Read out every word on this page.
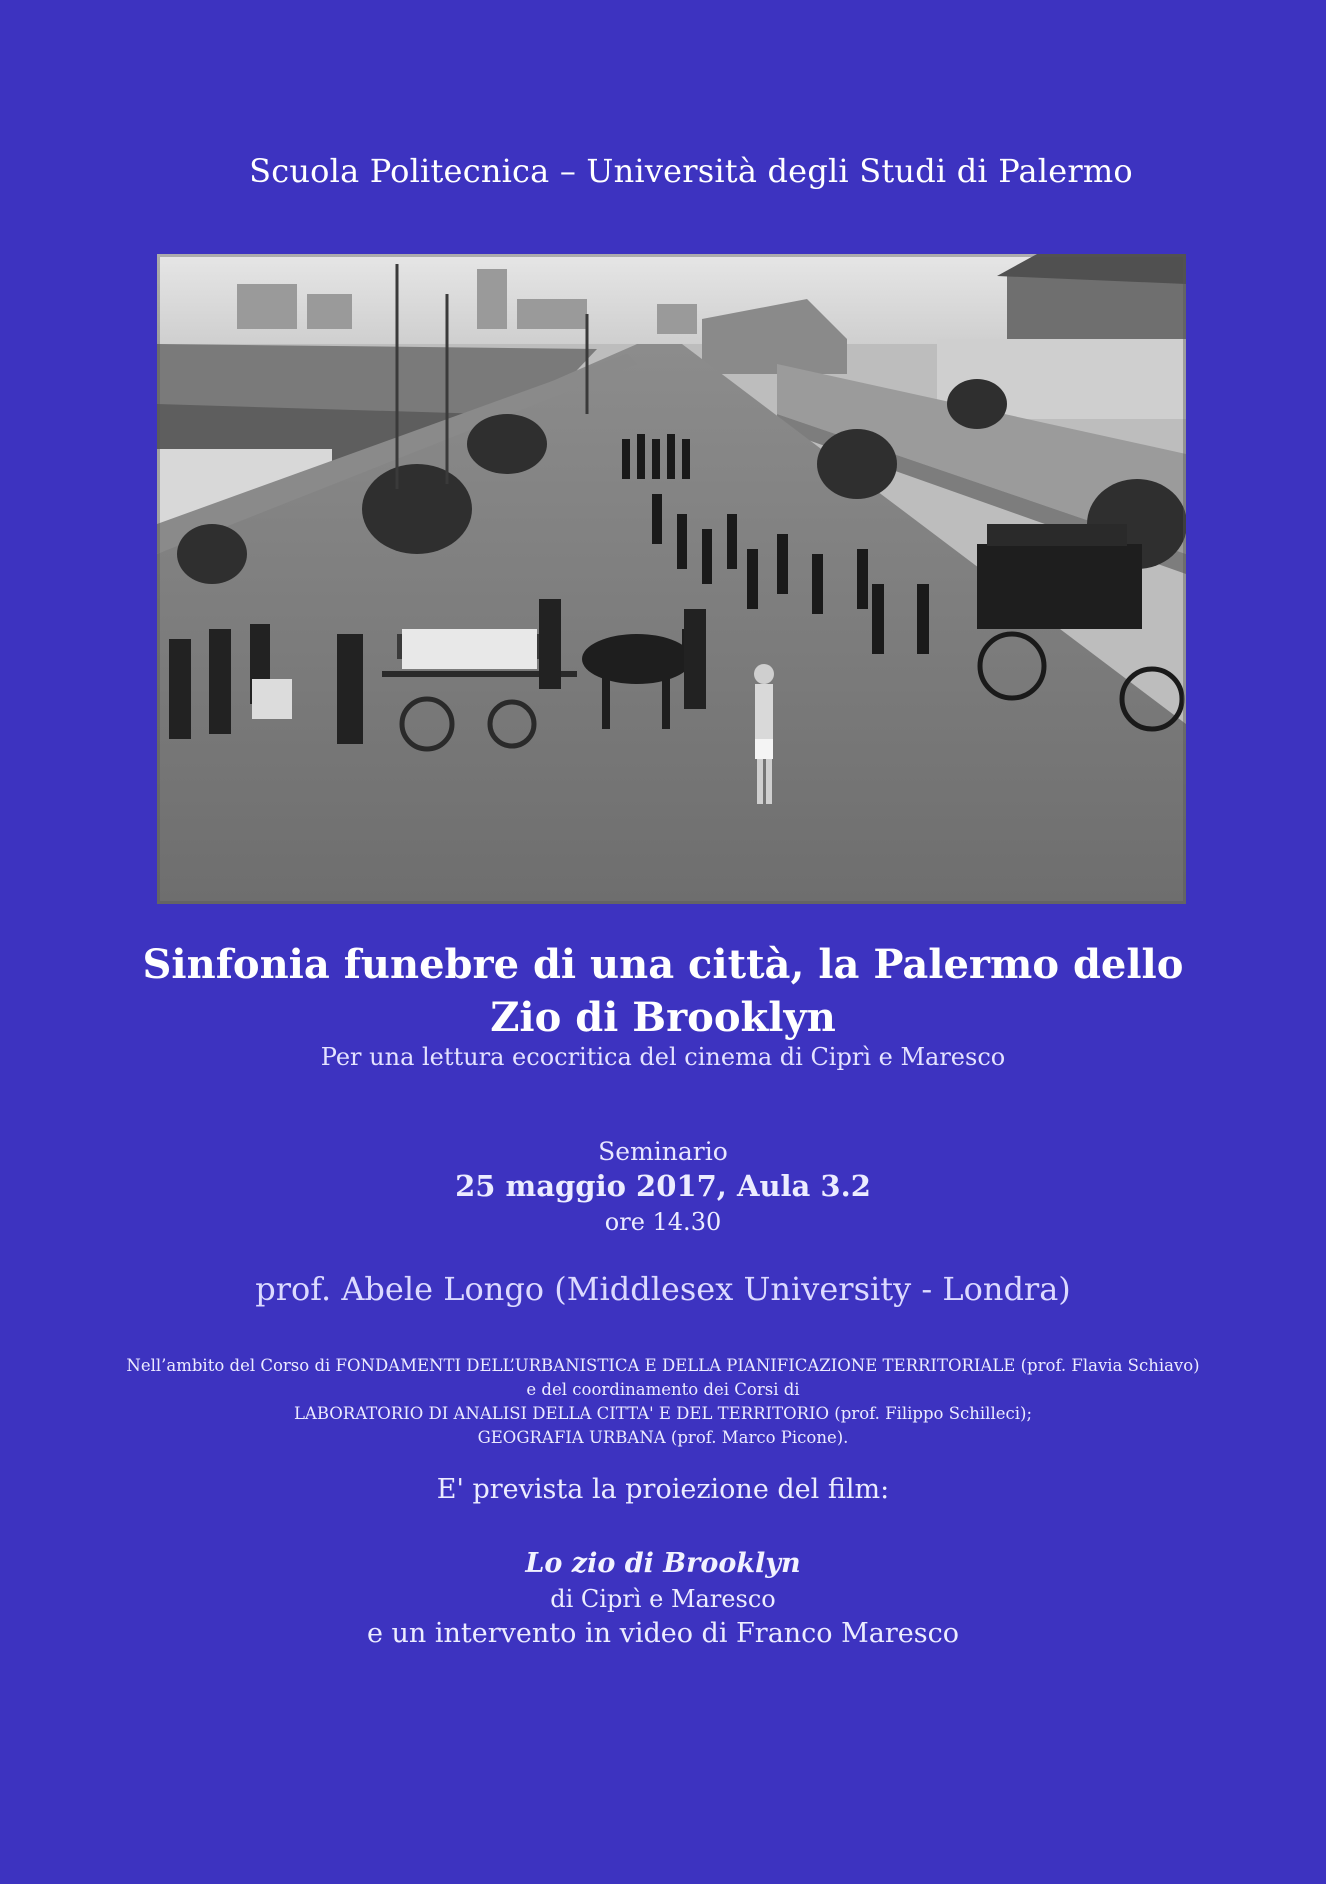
Scuola Politecnica – Università degli Studi di Palermo
Sinfonia funebre di una città, la Palermo dello Zio di Brooklyn
Per una lettura ecocritica del cinema di Ciprì e Maresco
Seminario
25 maggio 2017, Aula 3.2
ore 14.30
prof. Abele Longo (Middlesex University - Londra)
Nell’ambito del Corso di FONDAMENTI DELL’URBANISTICA E DELLA PIANIFICAZIONE TERRITORIALE (prof. Flavia Schiavo)
e del coordinamento dei Corsi di
LABORATORIO DI ANALISI DELLA CITTA' E DEL TERRITORIO (prof. Filippo Schilleci);
GEOGRAFIA URBANA (prof. Marco Picone).
E' prevista la proiezione del film:
Lo zio di Brooklyn
di Ciprì e Maresco
e un intervento in video di Franco Maresco
